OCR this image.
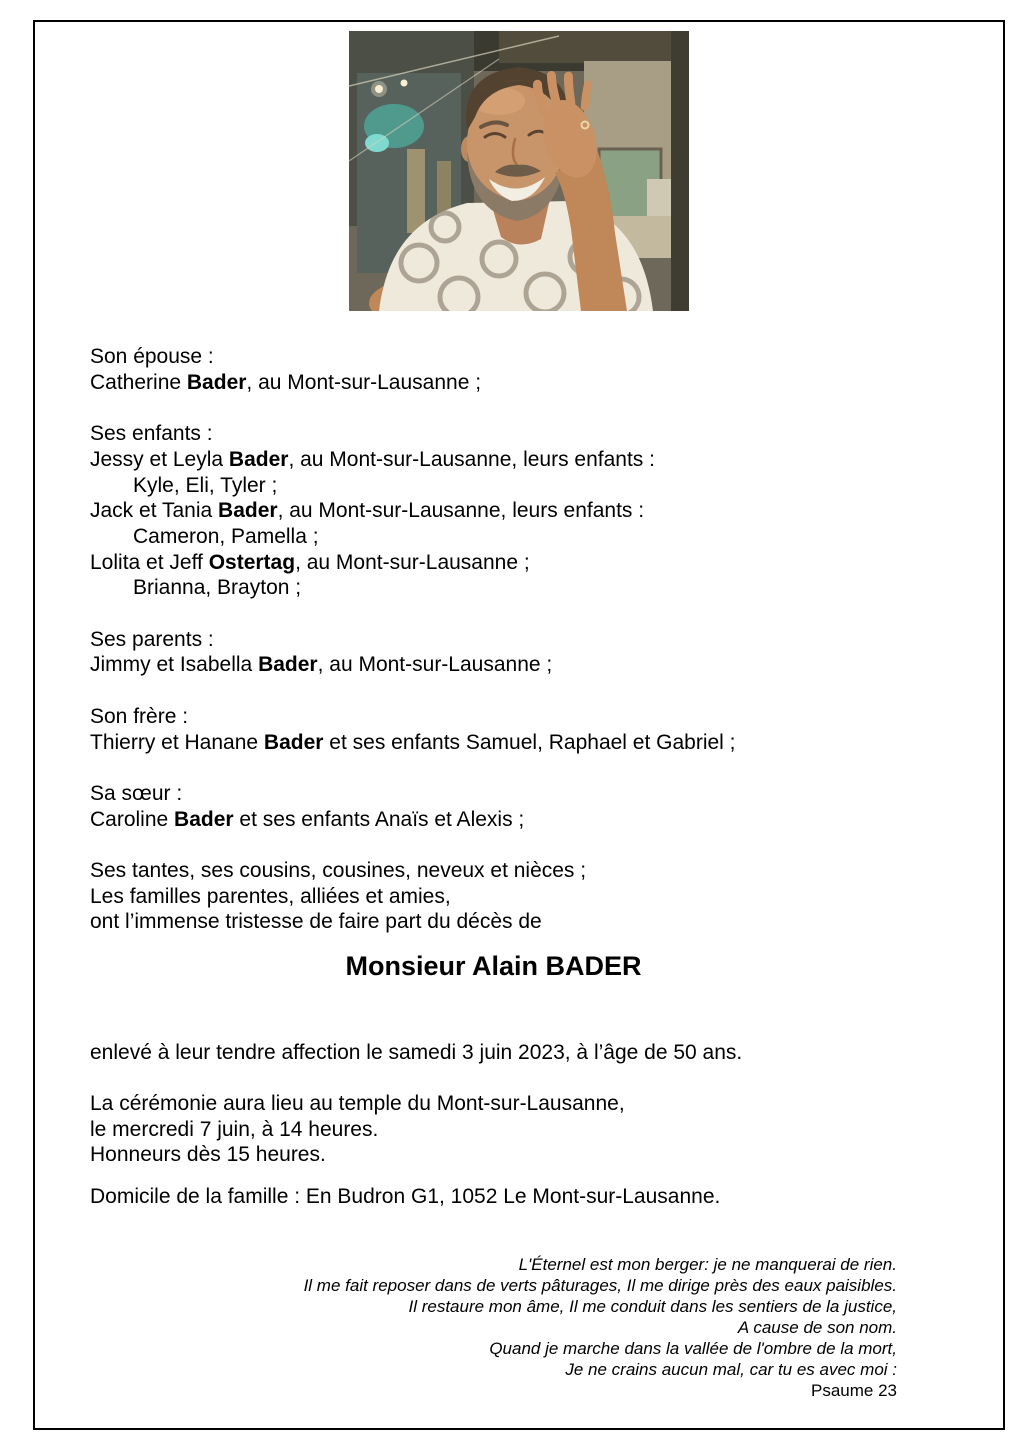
Son épouse :
Catherine Bader, au Mont-sur-Lausanne ;
Ses enfants :
Jessy et Leyla Bader, au Mont-sur-Lausanne, leurs enfants :
Kyle, Eli, Tyler ;
Jack et Tania Bader, au Mont-sur-Lausanne, leurs enfants :
Cameron, Pamella ;
Lolita et Jeff Ostertag, au Mont-sur-Lausanne ;
Brianna, Brayton ;
Ses parents :
Jimmy et Isabella Bader, au Mont-sur-Lausanne ;
Son frère :
Thierry et Hanane Bader et ses enfants Samuel, Raphael et Gabriel ;
Sa sœur :
Caroline Bader et ses enfants Anaïs et Alexis ;
Ses tantes, ses cousins, cousines, neveux et nièces ;
Les familles parentes, alliées et amies,
ont l’immense tristesse de faire part du décès de
Monsieur Alain BADER
enlevé à leur tendre affection le samedi 3 juin 2023, à l’âge de 50 ans.
La cérémonie aura lieu au temple du Mont-sur-Lausanne,
le mercredi 7 juin, à 14 heures.
Honneurs dès 15 heures.
Domicile de la famille : En Budron G1, 1052 Le Mont-sur-Lausanne.
L'Éternel est mon berger: je ne manquerai de rien.
Il me fait reposer dans de verts pâturages, Il me dirige près des eaux paisibles.
Il restaure mon âme, Il me conduit dans les sentiers de la justice,
A cause de son nom.
Quand je marche dans la vallée de l'ombre de la mort,
Je ne crains aucun mal, car tu es avec moi :
Psaume 23
